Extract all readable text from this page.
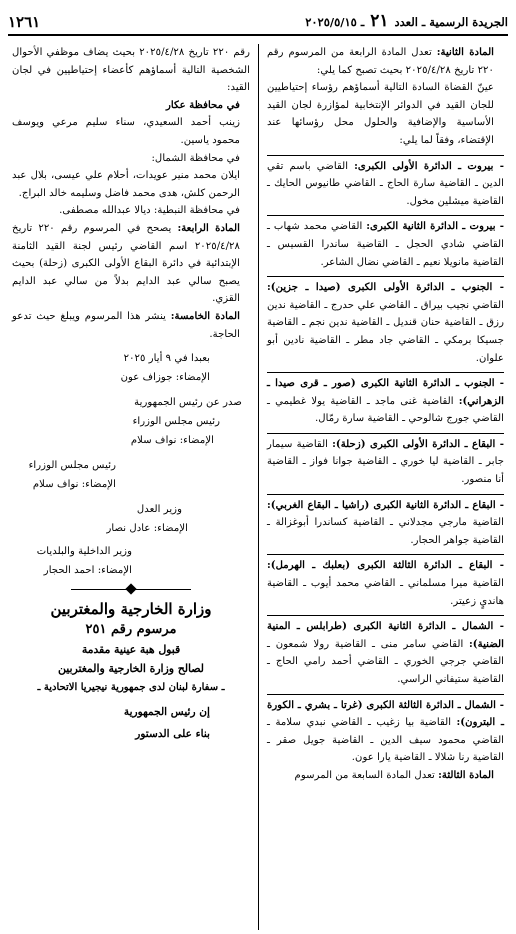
الجريدة الرسمية ـ العدد ٢١ ـ ٢٠٢٥/٥/١٥
١٢٦١

المادة الثانية: تعدل المادة الرابعة من المرسوم رقم ٢٢٠ تاريخ ٢٠٢٥/٤/٢٨ بحيث تصبح كما يلي:

عينّ القضاة السادة التالية أسماؤهم رؤساء إحتياطيين للجان القيد في الدوائر الإنتخابية لمؤازرة لجان القيد الأساسية والإضافية والحلول محل رؤسائها عند الإقتضاء، وفقاً لما يلي:

- بيروت ـ الدائرة الأولى الكبرى: القاضي باسم تقي الدين ـ القاضية سارة الحاج ـ القاضي طانيوس الحايك ـ القاضية ميشلين مخول.

- بيروت ـ الدائرة الثانية الكبرى: القاضي محمد شهاب ـ القاضي شادي الحجل ـ القاضية ساندرا القسيس ـ القاضية مانويلا نعيم ـ القاضي نضال الشاعر.

- الجنوب ـ الدائرة الأولى الكبرى (صيدا ـ جزين): القاضي نجيب بيراق ـ القاضي علي حدرج ـ القاضية ندين رزق ـ القاضية حنان قنديل ـ القاضية ندين نجم ـ القاضية جسيكا برمكي ـ القاضي جاد مطر ـ القاضية نادين أبو علوان.

- الجنوب ـ الدائرة الثانية الكبرى (صور ـ قرى صيدا ـ الزهراني): القاضية غنى ماجد ـ القاضية يولا غطيمي ـ القاضي جورج شالوحي ـ القاضية سارة رمّال.

- البقاع ـ الدائرة الأولى الكبرى (زحلة): القاضية سيمار جابر ـ القاضية ليا خوري ـ القاضية جوانا فواز ـ القاضية أنا منصور.

- البقاع ـ الدائرة الثانية الكبرى (راشيا ـ البقاع الغربي): القاضية مارجي مجدلاني ـ القاضية كساندرا أبوغزالة ـ القاضية جواهر الحجار.

- البقاع ـ الدائرة الثالثة الكبرى (بعلبك ـ الهرمل): القاضية ميرا مسلماني ـ القاضي محمد أيوب ـ القاضية هانديٍ زعيتر.

- الشمال ـ الدائرة الثانية الكبرى (طرابلس ـ المنية الضنية): القاضي سامر منى ـ القاضية رولا شمعون ـ القاضي جرجي الخوري ـ القاضي أحمد رامي الحاج ـ القاضية ستيفاني الراسي.

- الشمال ـ الدائرة الثالثة الكبرى (غرتا ـ بشري ـ الكورة ـ البترون): القاضية بيا زغيب ـ القاضي نبدي سلامة ـ القاضي محمود سيف الدين ـ القاضية جويل صقر ـ القاضية رنا شلالا ـ القاضية يارا عون.

المادة الثالثة: تعدل المادة السابعة من المرسوم

رقم ٢٢٠ تاريخ ٢٠٢٥/٤/٢٨ بحيث يضاف موظفي الأحوال الشخصية التالية أسماؤهم كأعضاء إحتياطيين في لجان القيد:

في محافظة عكار

زينب أحمد السعيدي، سناء سليم مرعي ويوسف محمود ياسين.

في محافظة الشمال:

ايلان محمد منير عويدات، أحلام علي عيسى، بلال عبد الرحمن كلش، هدى محمد فاضل وسليمه خالد البراج.

في محافظة النبطية: ديالا عبدالله مصطفى.

المادة الرابعة: يصحح في المرسوم رقم ٢٢٠ تاريخ ٢٠٢٥/٤/٢٨ اسم القاضي رئيس لجنة القيد الثامنة الإبتدائية في دائرة البقاع الأولى الكبرى (زحلة) بحيث يصبح سالي عبد الدايم بدلاً من سالي عبد الدايم القزي.

المادة الخامسة: ينشر هذا المرسوم ويبلغ حيث تدعو الحاجة.

بعبدا في ٩ أيار ٢٠٢٥

الإمضاء: جوزاف عون

صدر عن رئيس الجمهورية

رئيس مجلس الوزراء

الإمضاء: نواف سلام

رئيس مجلس الوزراء

الإمضاء: نواف سلام

وزير العدل

الإمضاء: عادل نصار

وزير الداخلية والبلديات

الإمضاء: احمد الحجار

وزارة الخارجية والمغتربين

مرسوم رقم ٢٥١

قبول هبة عينية مقدمة

لصالح وزارة الخارجية والمغتربين

ـ سفارة لبنان لدى جمهورية نيجيريا الاتحادية ـ

إن رئيس الجمهورية

بناء على الدستور
